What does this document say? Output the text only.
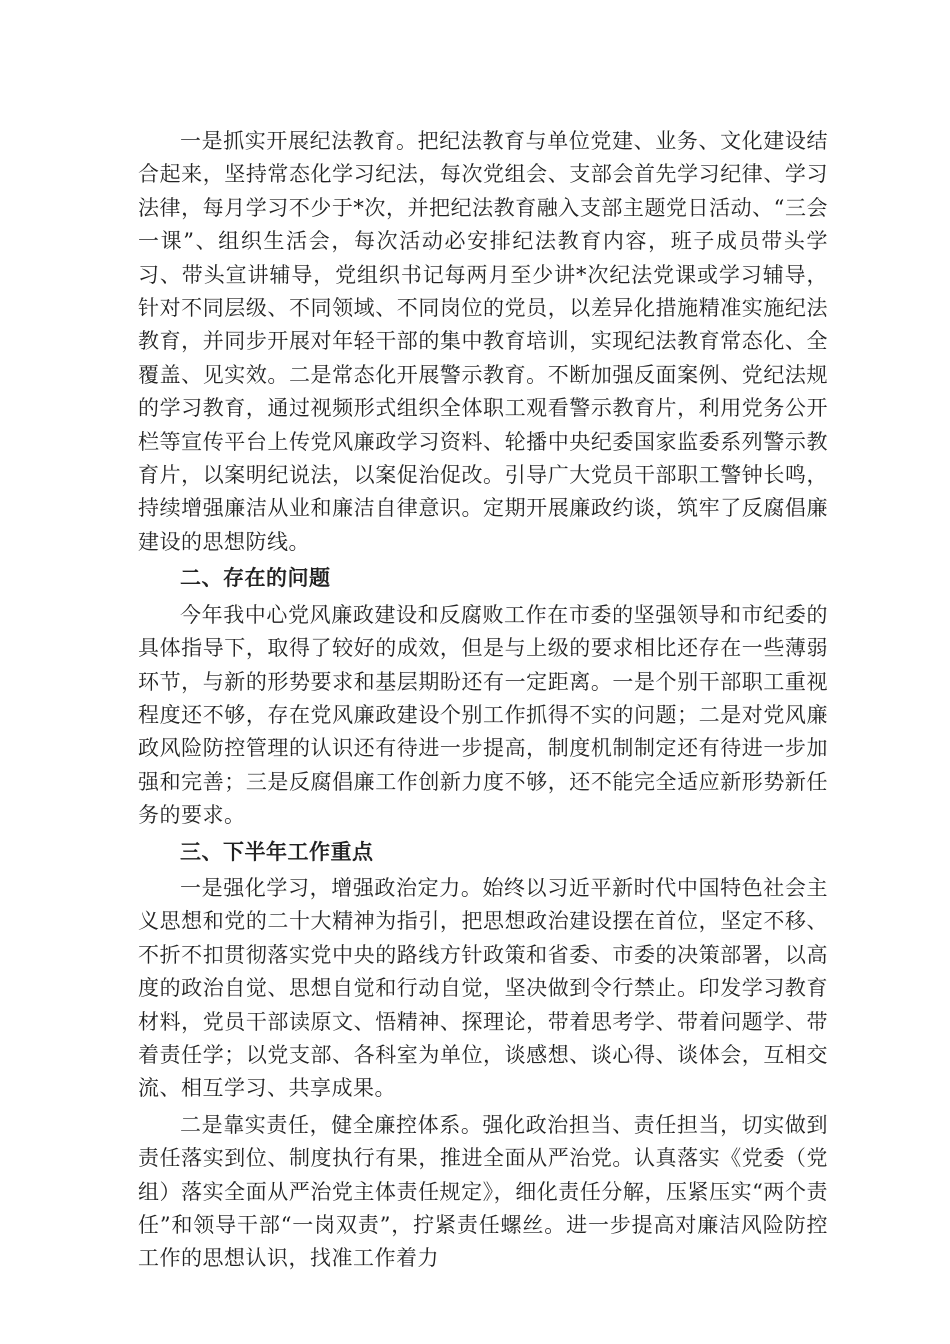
一是抓实开展纪法教育。把纪法教育与单位党建、业务、文化建设结合起来，坚持常态化学习纪法，每次党组会、支部会首先学习纪律、学习法律，每月学习不少于*次，并把纪法教育融入支部主题党日活动、“三会一课”、组织生活会，每次活动必安排纪法教育内容，班子成员带头学习、带头宣讲辅导，党组织书记每两月至少讲*次纪法党课或学习辅导，针对不同层级、不同领域、不同岗位的党员，以差异化措施精准实施纪法教育，并同步开展对年轻干部的集中教育培训，实现纪法教育常态化、全覆盖、见实效。二是常态化开展警示教育。不断加强反面案例、党纪法规的学习教育，通过视频形式组织全体职工观看警示教育片，利用党务公开栏等宣传平台上传党风廉政学习资料、轮播中央纪委国家监委系列警示教育片，以案明纪说法，以案促治促改。引导广大党员干部职工警钟长鸣，持续增强廉洁从业和廉洁自律意识。定期开展廉政约谈，筑牢了反腐倡廉建设的思想防线。

二、存在的问题

今年我中心党风廉政建设和反腐败工作在市委的坚强领导和市纪委的具体指导下，取得了较好的成效，但是与上级的要求相比还存在一些薄弱环节，与新的形势要求和基层期盼还有一定距离。一是个别干部职工重视程度还不够，存在党风廉政建设个别工作抓得不实的问题；二是对党风廉政风险防控管理的认识还有待进一步提高，制度机制制定还有待进一步加强和完善；三是反腐倡廉工作创新力度不够，还不能完全适应新形势新任务的要求。

三、下半年工作重点

一是强化学习，增强政治定力。始终以习近平新时代中国特色社会主义思想和党的二十大精神为指引，把思想政治建设摆在首位，坚定不移、不折不扣贯彻落实党中央的路线方针政策和省委、市委的决策部署，以高度的政治自觉、思想自觉和行动自觉，坚决做到令行禁止。印发学习教育材料，党员干部读原文、悟精神、探理论，带着思考学、带着问题学、带着责任学；以党支部、各科室为单位，谈感想、谈心得、谈体会，互相交流、相互学习、共享成果。

二是靠实责任，健全廉控体系。强化政治担当、责任担当，切实做到责任落实到位、制度执行有果，推进全面从严治党。认真落实《党委（党组）落实全面从严治党主体责任规定》，细化责任分解，压紧压实“两个责任”和领导干部“一岗双责”，拧紧责任螺丝。进一步提高对廉洁风险防控工作的思想认识，找准工作着力
